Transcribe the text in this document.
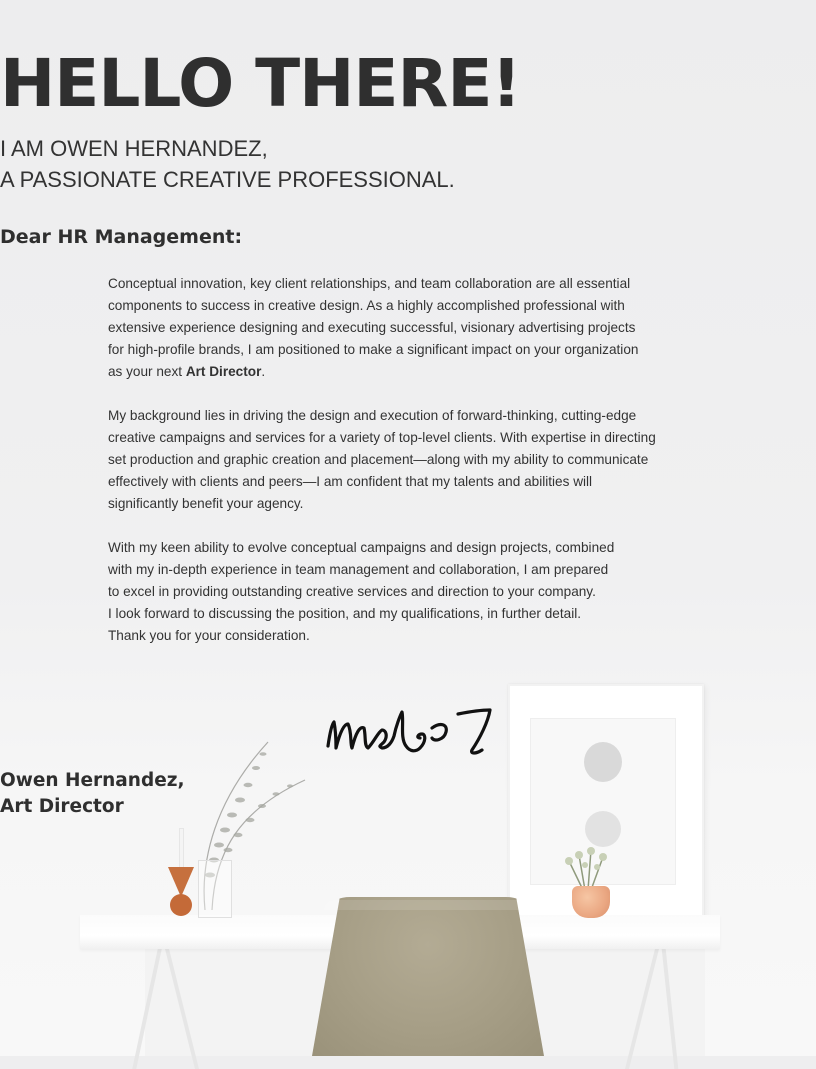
HELLO THERE!
I AM OWEN HERNANDEZ,
A PASSIONATE CREATIVE PROFESSIONAL.
Dear HR Management:
Conceptual innovation, key client relationships, and team collaboration are all essential
components to success in creative design. As a highly accomplished professional with
extensive experience designing and executing successful, visionary advertising projects
for high-profile brands, I am positioned to make a significant impact on your organization
as your next Art Director.
My background lies in driving the design and execution of forward-thinking, cutting-edge
creative campaigns and services for a variety of top-level clients. With expertise in directing
set production and graphic creation and placement—along with my ability to communicate
effectively with clients and peers—I am confident that my talents and abilities will
significantly benefit your agency.
With my keen ability to evolve conceptual campaigns and design projects, combined
with my in-depth experience in team management and collaboration, I am prepared
to excel in providing outstanding creative services and direction to your company.
I look forward to discussing the position, and my qualifications, in further detail.
Thank you for your consideration.
Owen Hernandez,
Art Director
